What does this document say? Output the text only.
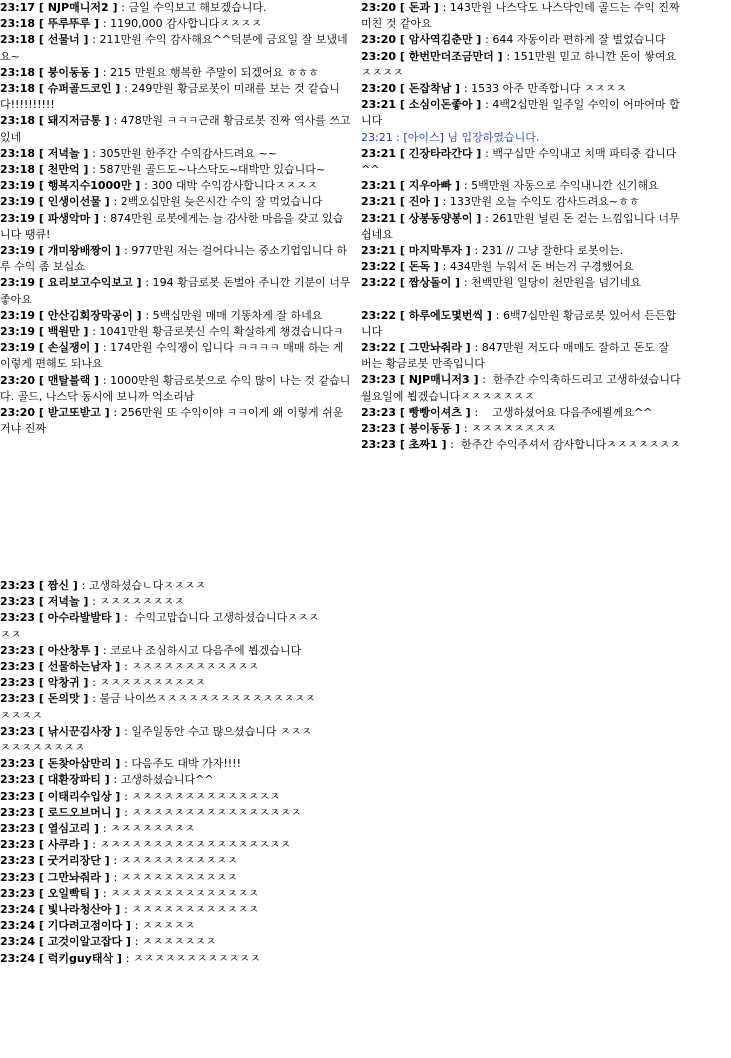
23:17 [ NJP매니저2 ] : 금일 수익보고 해보겠습니다.
23:18 [ 뚜루뚜루 ] : 1190,000 감사합니다ㅈㅈㅈㅈ
23:18 [ 선물너 ] : 211만원 수익 감사해요^^덕분에 금요일 잘 보냈네요~
23:18 [ 붕이동동 ] : 215 만원요 행복한 주말이 되겠어요 ㅎㅎㅎ
23:18 [ 슈퍼골드코인 ] : 249만원 황금로봇이 미래를 보는 것 같습니다!!!!!!!!!!
23:18 [ 돼지저금통 ] : 478만원 ㅋㅋㅋ근래 황금로봇 진짜 역사를 쓰고 있네
23:18 [ 저녁놀 ] : 305만원 한주간 수익감사드려요 ~~
23:18 [ 천만억 ] : 587만원 골드도~나스닥도~대박만 있습니다~
23:19 [ 행복지수1000만 ] : 300 대박 수익감사합니다ㅈㅈㅈㅈ
23:19 [ 인생이선물 ] : 2백오십만원 늦은시간 수익 잘 먹었습니다
23:19 [ 파생악마 ] : 874만원 로봇에게는 늘 감사한 마음을 갖고 있습니다 땡큐!
23:19 [ 개미왕배짱이 ] : 977만원 저는 걸어다니는 중소기업입니다 하루 수익 좀 보십쇼
23:19 [ 요리보고수익보고 ] : 194 황금로봇 돈벌아 주니깐 기분이 너무 좋아요
23:19 [ 안산김회장막공이 ] : 5백십만원 매매 기똥차게 잘 하네요
23:19 [ 백원만 ] : 1041만원 황금로봇신 수익 확실하게 챙겼습니다ㅋ
23:19 [ 손실쟁이 ] : 174만원 수익쟁이 입니다 ㅋㅋㅋㅋ 매매 하는 게 이렇게 편해도 되나요
23:20 [ 맨탈블랙 ] : 1000만원 황금로봇으로 수익 많이 나는 것 같습니다. 골드, 나스닥 동시에 보니까 억소리남
23:20 [ 받고또받고 ] : 256만원 또 수익이야 ㅋㅋ이게 왜 이렇게 쉬운 거냐 진짜
23:20 [ 돈과 ] : 143만원 나스닥도 나스닥인데 골드는 수익 진짜 미친 것 같아요
23:20 [ 암사역김춘만 ] : 644 자동이라 편하게 잘 벌었습니다
23:20 [ 한번만더조금만더 ] : 151만원 믿고 하니깐 돈이 쌓여요 ㅈㅈㅈㅈ
23:20 [ 돈잡착남 ] : 1533 아주 만족합니다 ㅈㅈㅈㅈ
23:21 [ 소심이돈좋아 ] : 4백2십만원 일주일 수익이 어마어마 합니다
23:21 : [아이스] 님 입장하였습니다.
23:21 [ 긴장타라간다 ] : 백구십만 수익내고 치맥 파티중 갑니다^^
23:21 [ 지우아빠 ] : 5백만원 자동으로 수익내니깐 신기해요
23:21 [ 진아 ] : 133만원 오늘 수익도 감사드려요~ㅎㅎ
23:21 [ 상봉동양봉이 ] : 261만원 널린 돈 걷는 느낌입니다 너무 쉽네요
23:21 [ 마지막투자 ] : 231 // 그냥 잘한다 로봇이는.
23:22 [ 돈독 ] : 434만원 누워서 돈 버는거 구경했어요
23:22 [ 짬상돌이 ] : 천백만원 일당이 천만원을 넘기네요
23:22 [ 하루에도몇번씩 ] : 6백7십만원 황금로봇 있어서 든든합니다
23:22 [ 그만놔줘라 ] : 847만원 저도다 매매도 잘하고 돈도 잘 버는 황금로봇 만족입니다
23:23 [ NJP매니저3 ] :  한주간 수익축하드리고 고생하셨습니다 월요일에 뵙겠습니다ㅈㅈㅈㅈㅈㅈㅈ
23:23 [ 빵빵이셔츠 ] :    고생하셨어요 다음주에뵐께요^^
23:23 [ 붕이동동 ] : ㅈㅈㅈㅈㅈㅈㅈㅈ
23:23 [ 초짜1 ] :  한주간 수익주셔서 감사합니다ㅈㅈㅈㅈㅈㅈㅈ
23:23 [ 짬신 ] : 고생하셨습ㄴ다ㅈㅈㅈㅈ
23:23 [ 저녁놀 ] : ㅈㅈㅈㅈㅈㅈㅈㅈ
23:23 [ 아수라발발타 ] :  수익고맙습니다 고생하셨습니다ㅈㅈㅈㅈㅈ
23:23 [ 아산창투 ] : 코로나 조심하시고 다음주에 뵙겠습니다
23:23 [ 선물하는남자 ] : ㅈㅈㅈㅈㅈㅈㅈㅈㅈㅈㅈㅈ
23:23 [ 악창귀 ] : ㅈㅈㅈㅈㅈㅈㅈㅈㅈㅈ
23:23 [ 돈의맛 ] : 불금 나이쓰ㅈㅈㅈㅈㅈㅈㅈㅈㅈㅈㅈㅈㅈㅈㅈㅈㅈㅈㅈ
23:23 [ 낚시꾼김사장 ] : 일주일동안 수고 많으셨습니다 ㅈㅈㅈㅈㅈㅈㅈㅈㅈㅈㅈ
23:23 [ 돈찾아삼만리 ] : 다음주도 대박 가자!!!!
23:23 [ 대환장파티 ] : 고생하셨습니다^^
23:23 [ 이태리수입상 ] : ㅈㅈㅈㅈㅈㅈㅈㅈㅈㅈㅈㅈㅈㅈ
23:23 [ 로드오브머니 ] : ㅈㅈㅈㅈㅈㅈㅈㅈㅈㅈㅈㅈㅈㅈㅈㅈ
23:23 [ 열심고리 ] : ㅈㅈㅈㅈㅈㅈㅈㅈ
23:23 [ 사쿠라 ] : ㅈㅈㅈㅈㅈㅈㅈㅈㅈㅈㅈㅈㅈㅈㅈㅈㅈㅈ
23:23 [ 굿거리장단 ] : ㅈㅈㅈㅈㅈㅈㅈㅈㅈㅈㅈ
23:23 [ 그만놔줘라 ] : ㅈㅈㅈㅈㅈㅈㅈㅈㅈㅈㅈ
23:23 [ 오일빡틱 ] : ㅈㅈㅈㅈㅈㅈㅈㅈㅈㅈㅈㅈㅈㅈ
23:24 [ 빛나라청산아 ] : ㅈㅈㅈㅈㅈㅈㅈㅈㅈㅈㅈㅈ
23:24 [ 기다려고점이다 ] : ㅈㅈㅈㅈㅈ
23:24 [ 고것이알고잡다 ] : ㅈㅈㅈㅈㅈㅈㅈ
23:24 [ 럭키guy태삭 ] : ㅈㅈㅈㅈㅈㅈㅈㅈㅈㅈㅈㅈ
